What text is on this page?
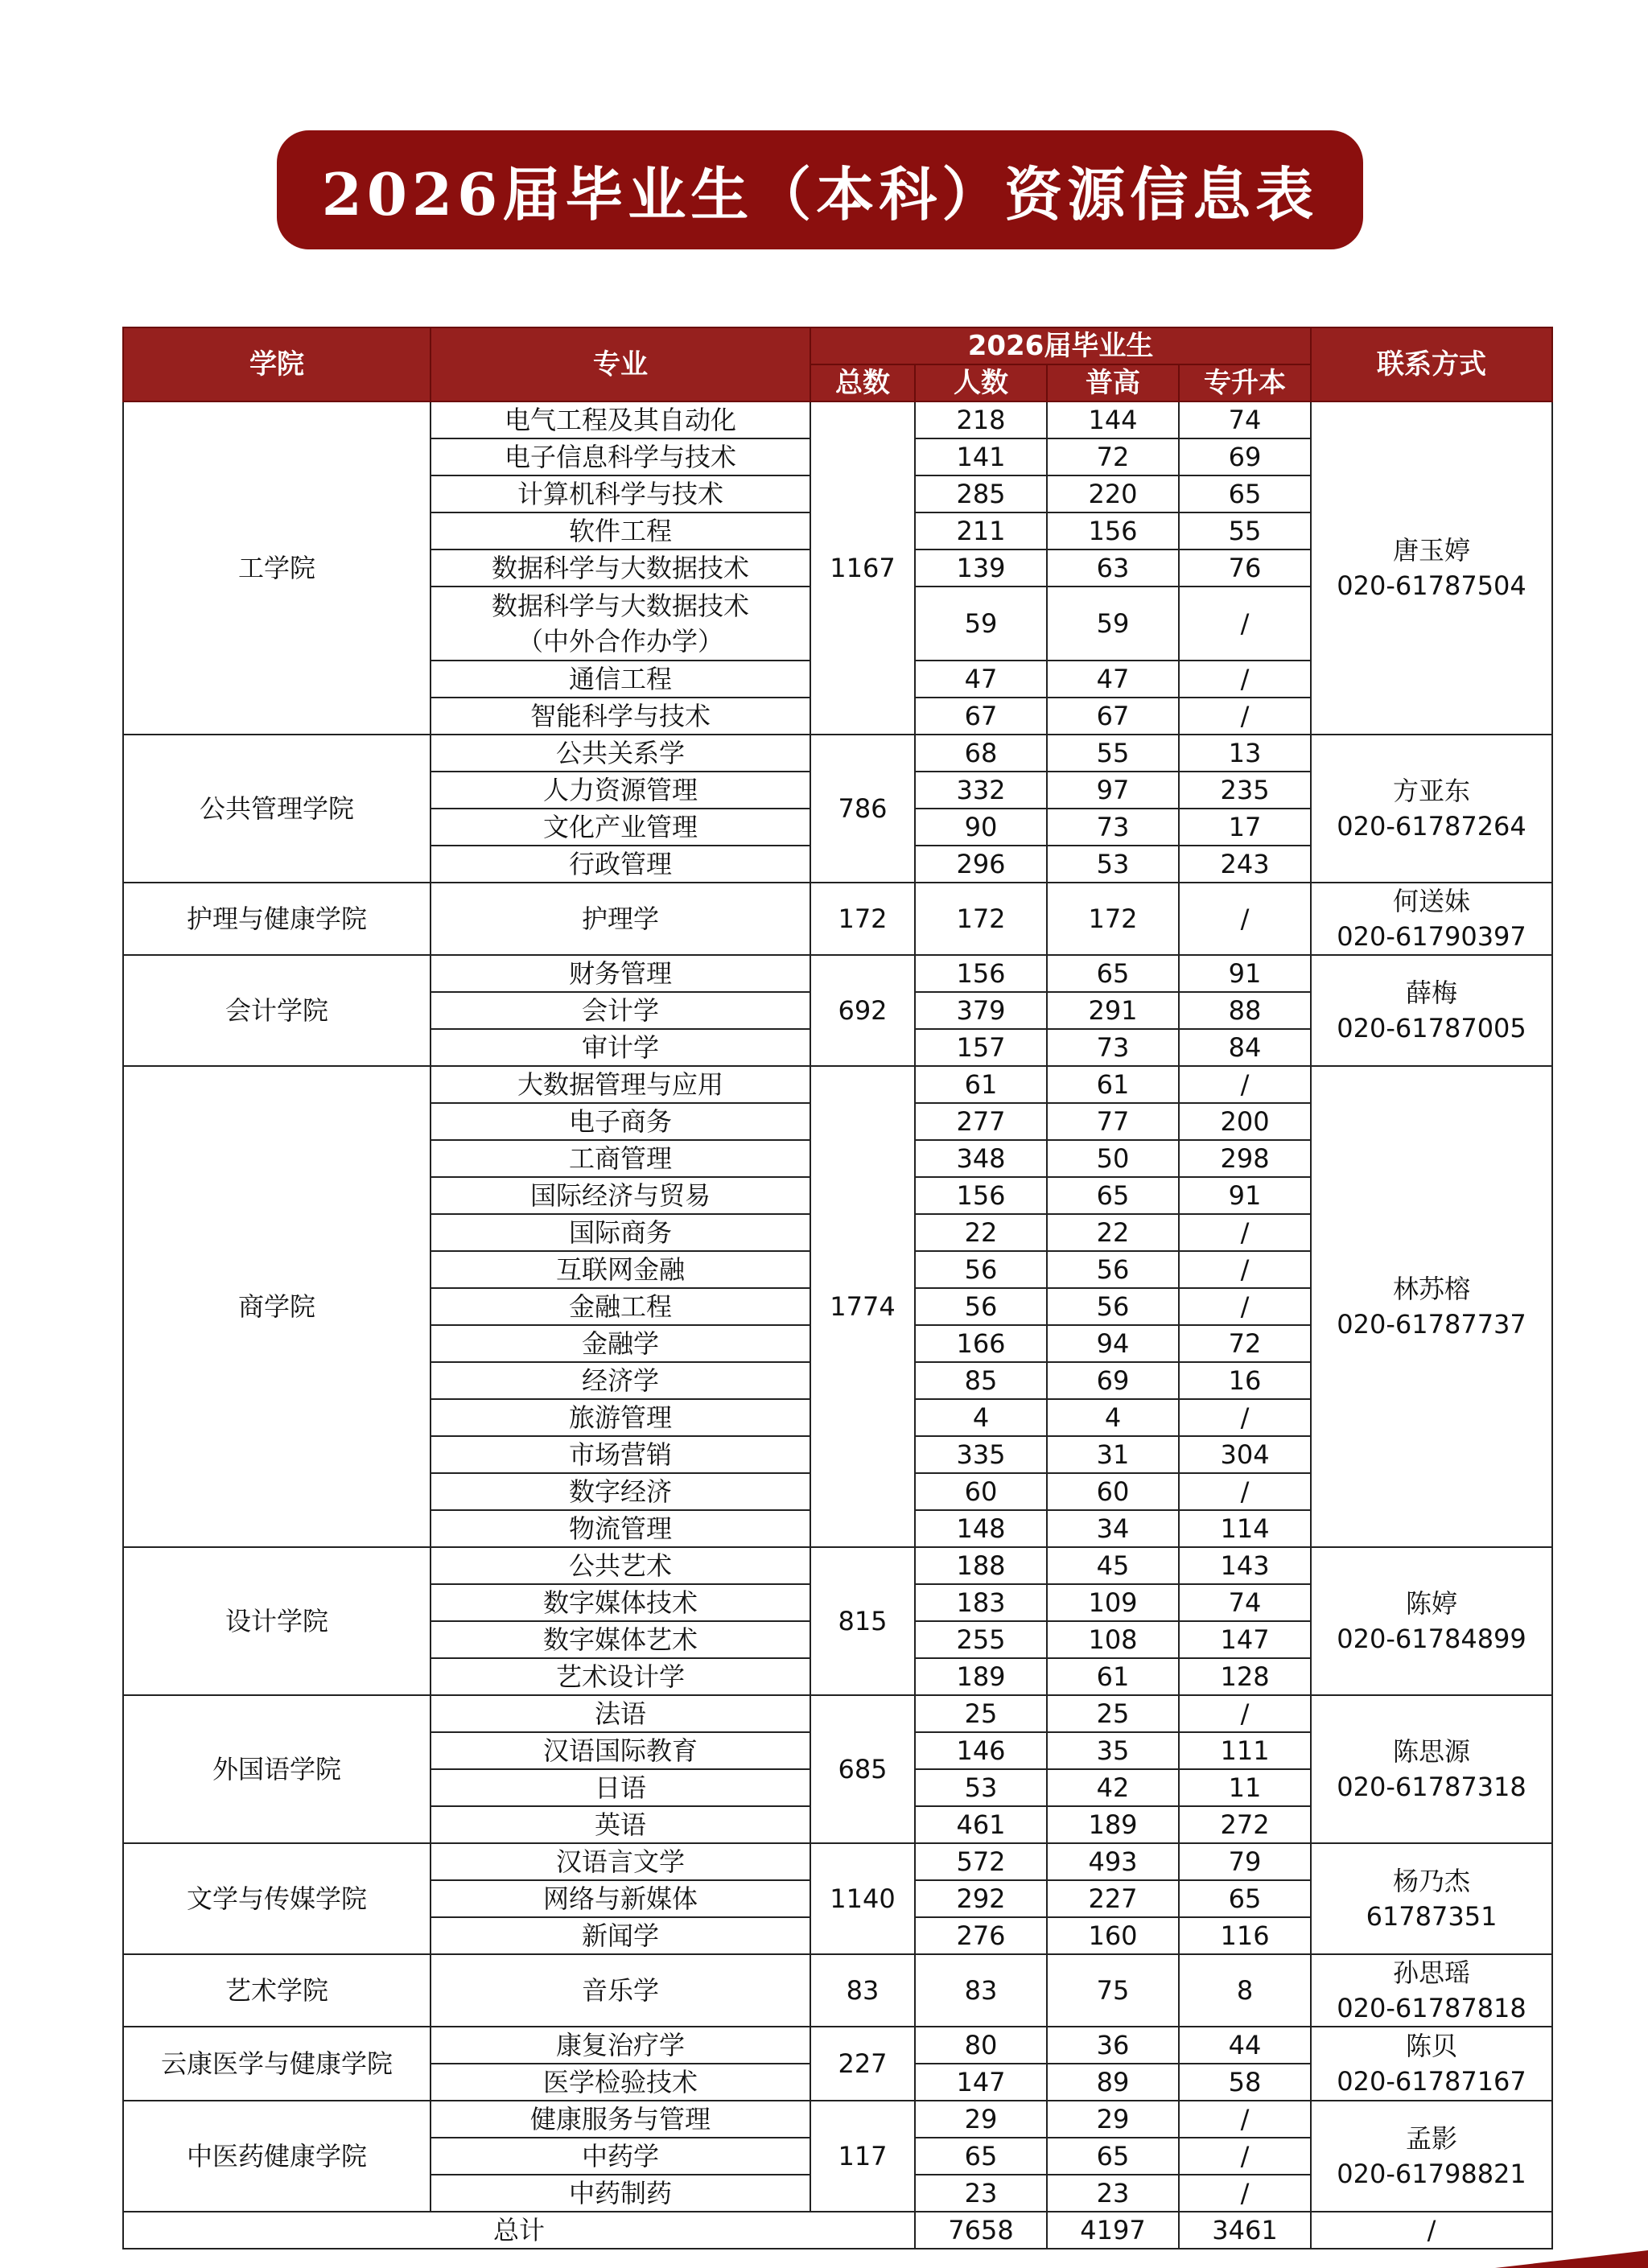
2026届毕业生（本科）资源信息表
学院	专业	2026届毕业生				联系方式
		总数	人数	普高	专升本	
工学院	电气工程及其自动化	1167	218	144	74	唐玉婷
020-61787504

	电子信息科学与技术		141	72	69	

	计算机科学与技术		285	220	65	

	软件工程		211	156	55	

	数据科学与大数据技术		139	63	76	

	数据科学与大数据技术
（中外合作办学）		59	59	/	

	通信工程		47	47	/	

	智能科学与技术		67	67	/	
公共管理学院	公共关系学	786	68	55	13	方亚东
020-61787264

	人力资源管理		332	97	235	

	文化产业管理		90	73	17	

	行政管理		296	53	243	
护理与健康学院	护理学	172	172	172	/	何送妹
020-61790397

会计学院	财务管理	692	156	65	91	薛梅
020-61787005

	会计学		379	291	88	

	审计学		157	73	84	
商学院	大数据管理与应用	1774	61	61	/	林苏榕
020-61787737

	电子商务		277	77	200	

	工商管理		348	50	298	

	国际经济与贸易		156	65	91	

	国际商务		22	22	/	

	互联网金融		56	56	/	

	金融工程		56	56	/	

	金融学		166	94	72	

	经济学		85	69	16	

	旅游管理		4	4	/	

	市场营销		335	31	304	

	数字经济		60	60	/	

	物流管理		148	34	114	
设计学院	公共艺术	815	188	45	143	陈婷
020-61784899

	数字媒体技术		183	109	74	

	数字媒体艺术		255	108	147	

	艺术设计学		189	61	128	
外国语学院	法语	685	25	25	/	陈思源
020-61787318

	汉语国际教育		146	35	111	

	日语		53	42	11	

	英语		461	189	272	
文学与传媒学院	汉语言文学	1140	572	493	79	杨乃杰
61787351

	网络与新媒体		292	227	65	

	新闻学		276	160	116	
艺术学院	音乐学	83	83	75	8	孙思瑶
020-61787818

云康医学与健康学院	康复治疗学	227	80	36	44	陈贝
020-61787167

	医学检验技术		147	89	58	
中医药健康学院	健康服务与管理	117	29	29	/	孟影
020-61798821

	中药学		65	65	/	

	中药制药		23	23	/	
总计			7658	4197	3461	/
